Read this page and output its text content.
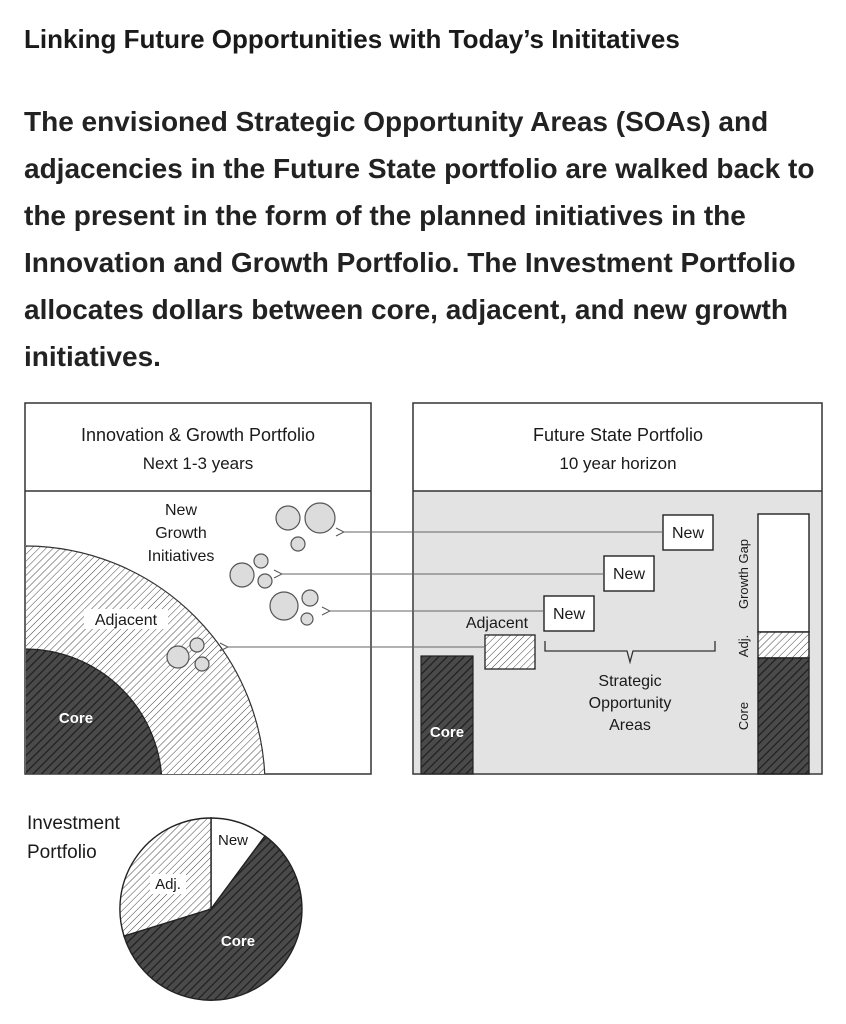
Linking Future Opportunities with Today’s Inititatives

The envisioned Strategic Opportunity Areas (SOAs) and adjacencies in the Future State portfolio are walked back to the present in the form of the planned initiatives in the Innovation and Growth Portfolio. The Investment Portfolio allocates dollars between core, adjacent, and new growth initiatives.

Innovation & Growth Portfolio
Next 1-3 years
Adjacent
Core
New
Growth
Initiatives
Future State Portfolio
10 year horizon
Core
Adjacent
New
New
New
Strategic
Opportunity
Areas
Growth Gap
Adj.
Core
Investment
Portfolio
New
Adj.
Core
